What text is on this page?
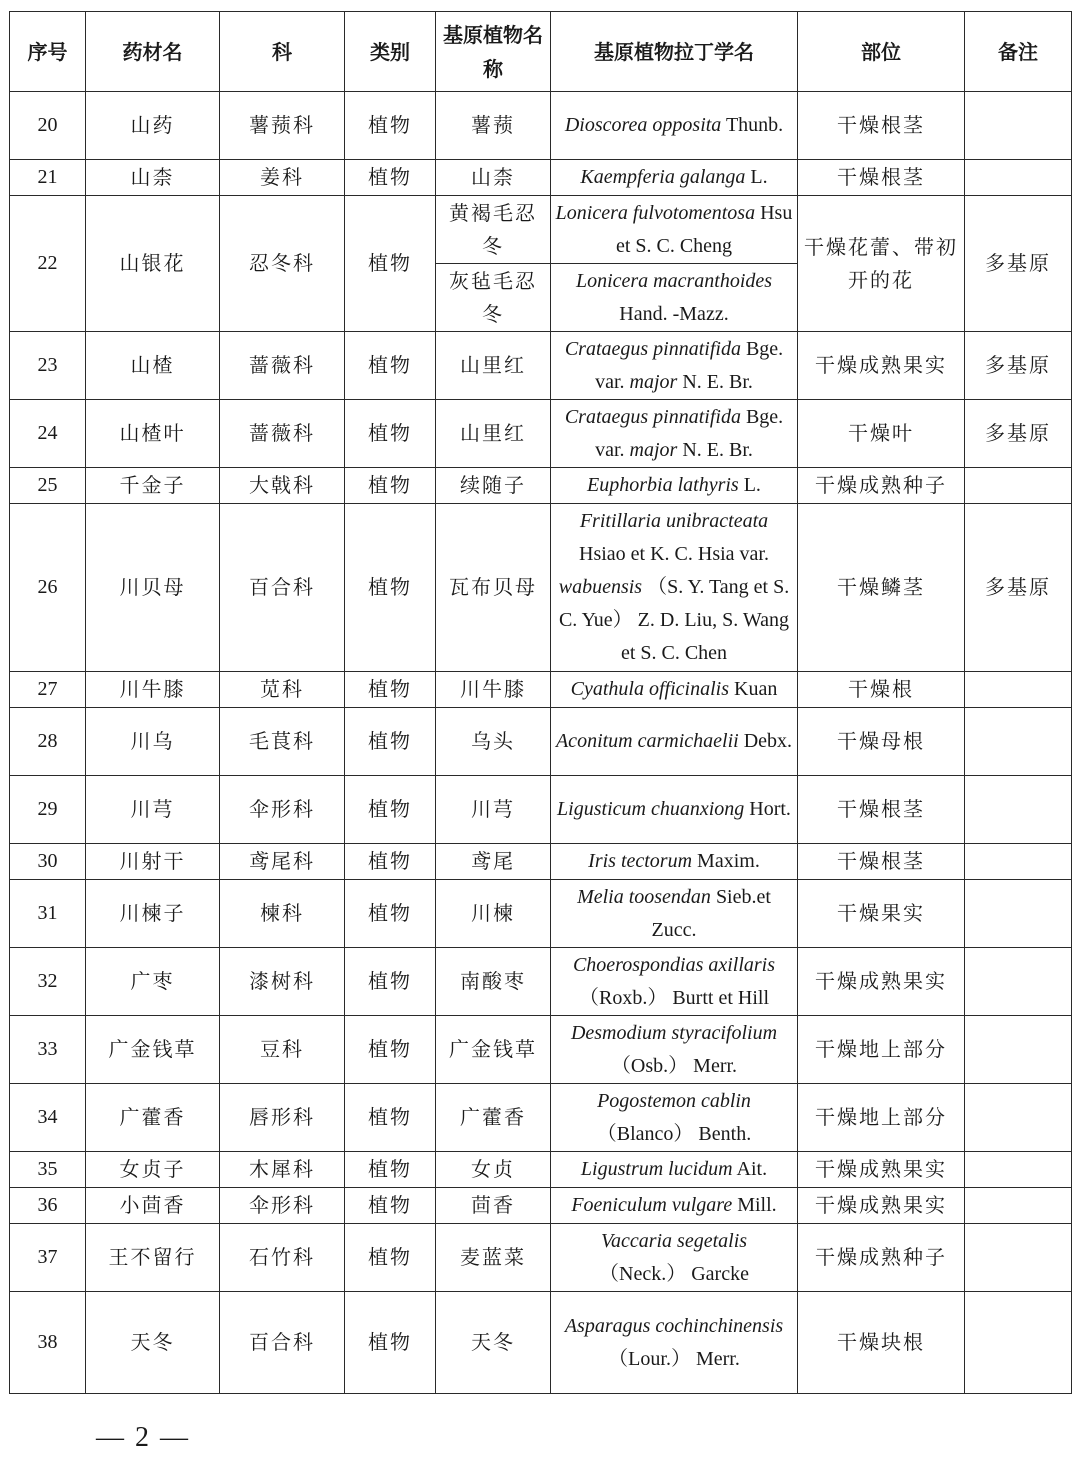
序号	药材名	科	类别	基原植物名称	基原植物拉丁学名	部位	备注
20	山药	薯蓣科	植物	薯蓣	Dioscorea opposita Thunb.	干燥根茎	
21	山柰	姜科	植物	山柰	Kaempferia galanga L.	干燥根茎	
22	山银花	忍冬科	植物	黄褐毛忍冬	Lonicera fulvotomentosa Hsu et S. C. Cheng	干燥花蕾、带初开的花	多基原
				灰毡毛忍冬	Lonicera macranthoides Hand. -Mazz.		
23	山楂	蔷薇科	植物	山里红	Crataegus pinnatifida Bge. var. major N. E. Br.	干燥成熟果实	多基原
24	山楂叶	蔷薇科	植物	山里红	Crataegus pinnatifida Bge. var. major N. E. Br.	干燥叶	多基原
25	千金子	大戟科	植物	续随子	Euphorbia lathyris L.	干燥成熟种子	
26	川贝母	百合科	植物	瓦布贝母	Fritillaria unibracteata Hsiao et K. C. Hsia var. wabuensis （S. Y. Tang et S. C. Yue） Z. D. Liu, S. Wang et S. C. Chen	干燥鳞茎	多基原
27	川牛膝	苋科	植物	川牛膝	Cyathula officinalis Kuan	干燥根	
28	川乌	毛茛科	植物	乌头	Aconitum carmichaelii Debx.	干燥母根	
29	川芎	伞形科	植物	川芎	Ligusticum chuanxiong Hort.	干燥根茎	
30	川射干	鸢尾科	植物	鸢尾	Iris tectorum Maxim.	干燥根茎	
31	川楝子	楝科	植物	川楝	Melia toosendan Sieb.et Zucc.	干燥果实	
32	广枣	漆树科	植物	南酸枣	Choerospondias axillaris （Roxb.） Burtt et Hill	干燥成熟果实	
33	广金钱草	豆科	植物	广金钱草	Desmodium styracifolium （Osb.） Merr.	干燥地上部分	
34	广藿香	唇形科	植物	广藿香	Pogostemon cablin （Blanco） Benth.	干燥地上部分	
35	女贞子	木犀科	植物	女贞	Ligustrum lucidum Ait.	干燥成熟果实	
36	小茴香	伞形科	植物	茴香	Foeniculum vulgare Mill.	干燥成熟果实	
37	王不留行	石竹科	植物	麦蓝菜	Vaccaria segetalis （Neck.） Garcke	干燥成熟种子	
38	天冬	百合科	植物	天冬	Asparagus cochinchinensis （Lour.） Merr.	干燥块根	
— 2 —
